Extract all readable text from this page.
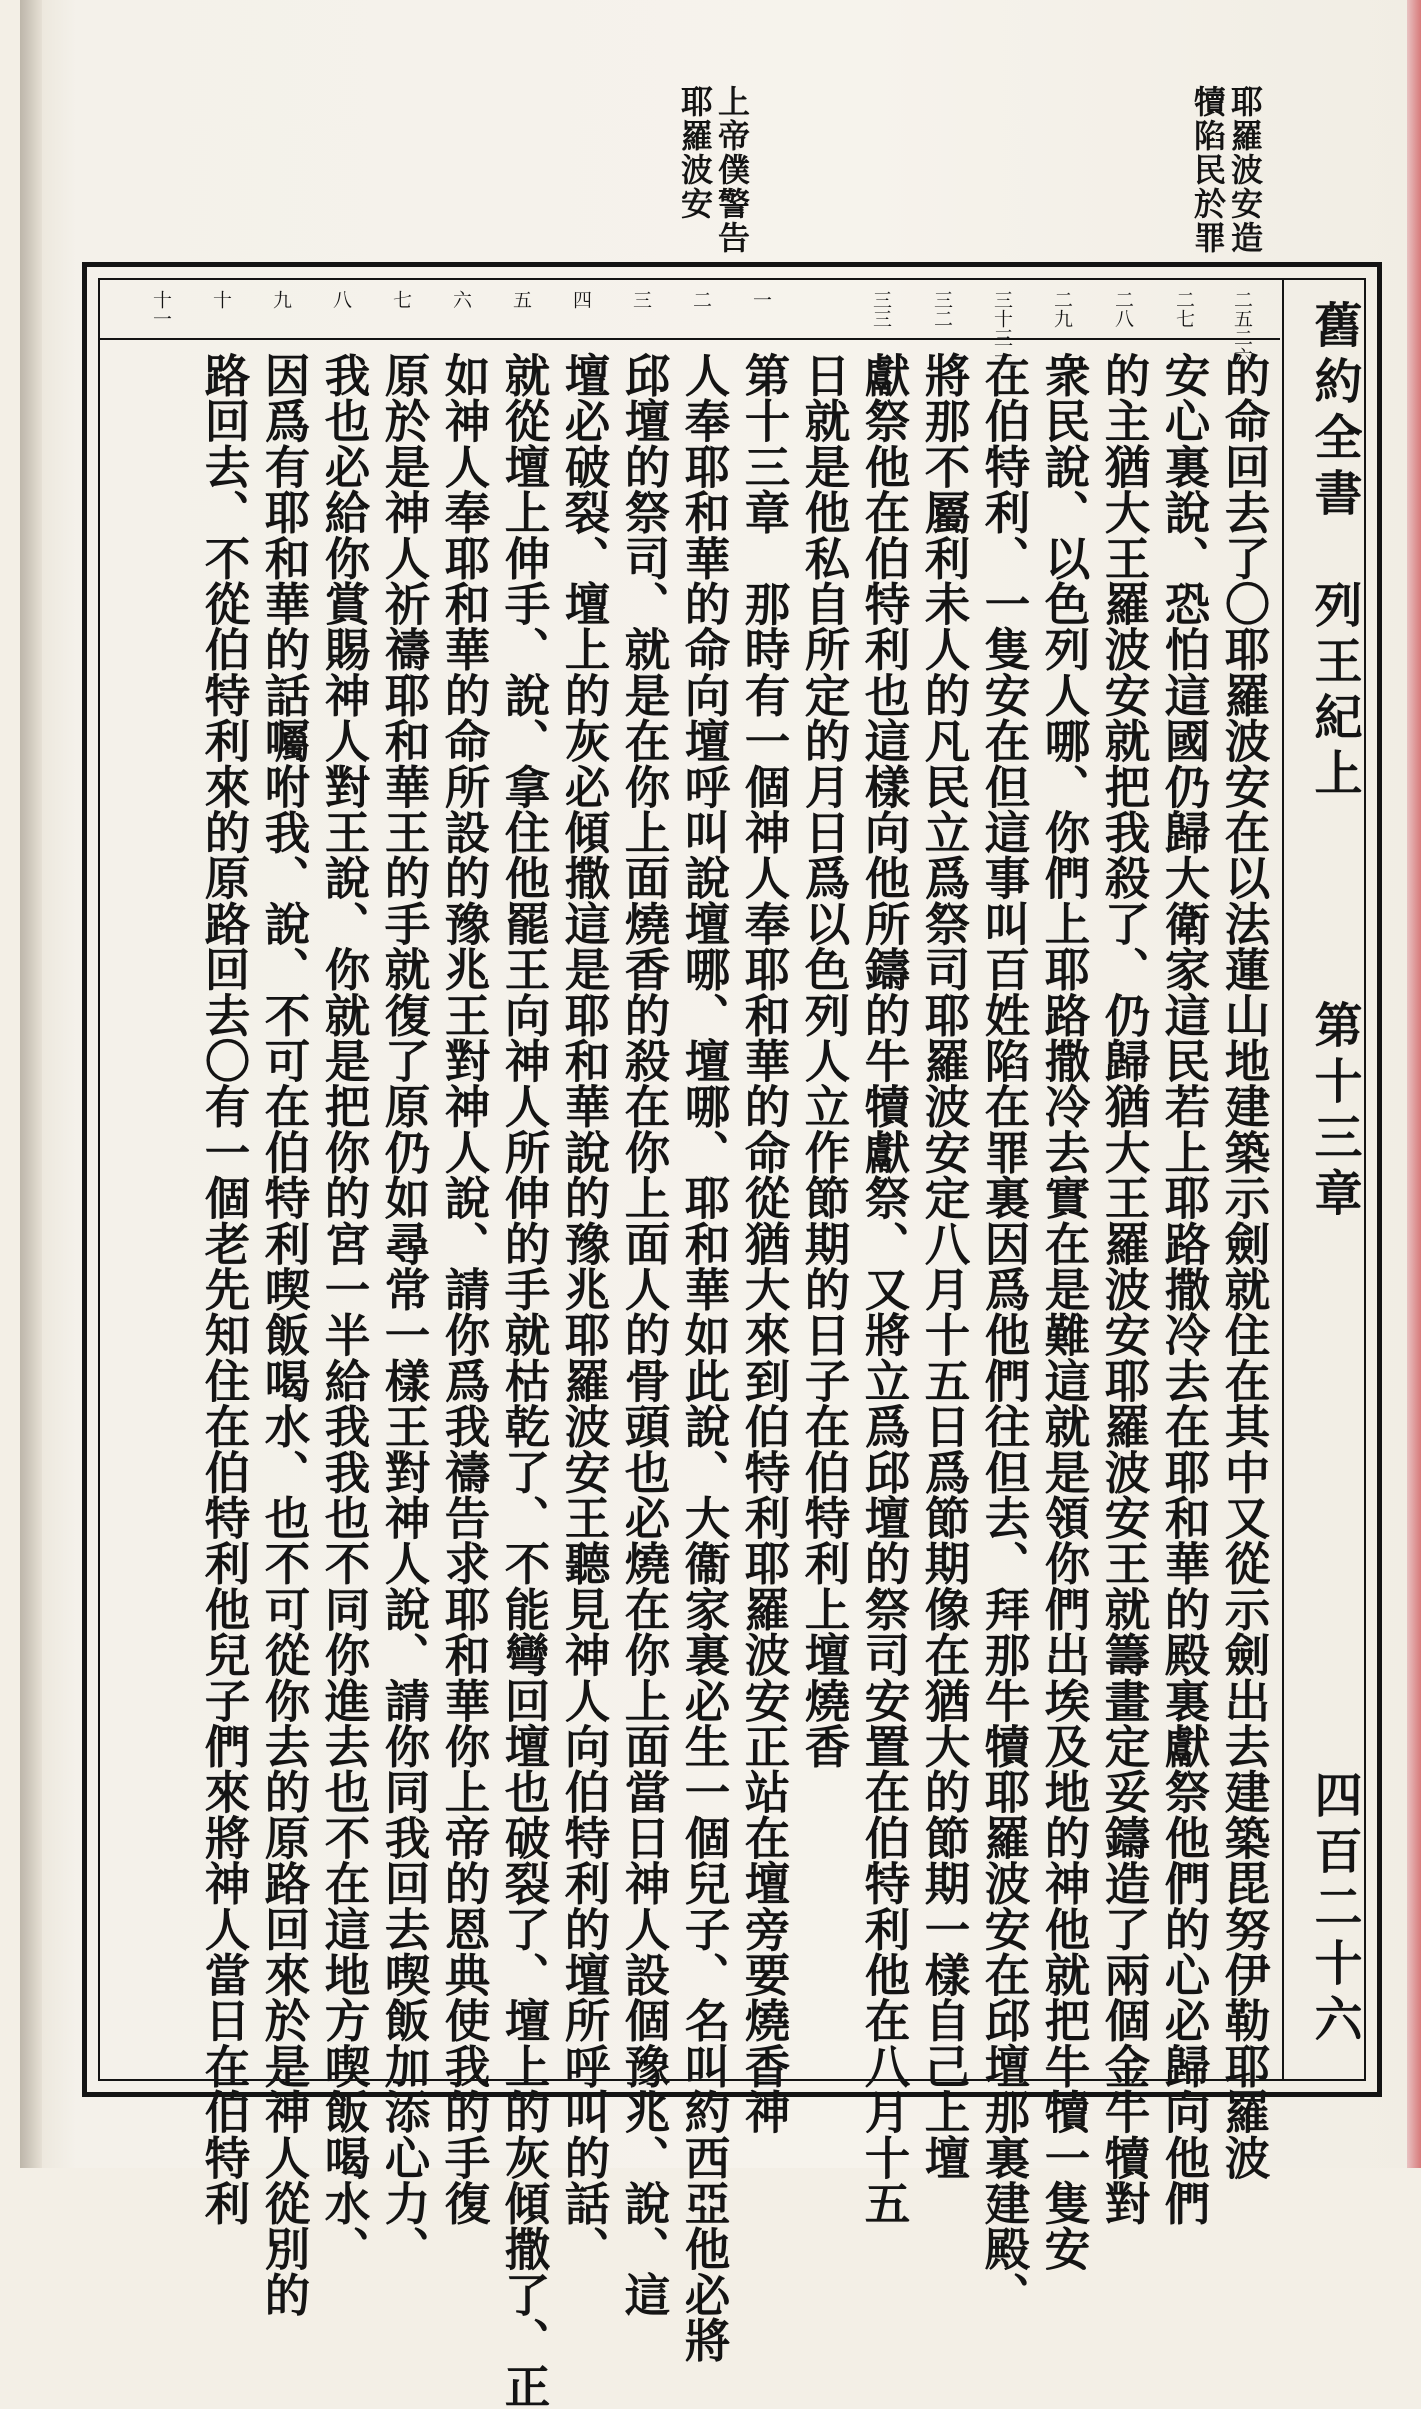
耶羅波安造
犢陷民於罪
上帝僕警告
耶羅波安
舊約全書　列王紀上
第十三章
四百二十六
二五二六
二七
二八
二九
三十三一
三二
三三
一
二
三
四
五
六
七
八
九
十
十一
的命回去了〇耶羅波安在以法蓮山地建築示劍就住在其中又從示劍出去建築毘努伊勒耶羅波
安心裏說、恐怕這國仍歸大衛家這民若上耶路撒冷去在耶和華的殿裏獻祭他們的心必歸向他們
的主猶大王羅波安就把我殺了、仍歸猶大王羅波安耶羅波安王就籌畫定妥鑄造了兩個金牛犢對
衆民說、以色列人哪、你們上耶路撒冷去實在是難這就是領你們出埃及地的神他就把牛犢一隻安
在伯特利、一隻安在但這事叫百姓陷在罪裏因爲他們往但去、拜那牛犢耶羅波安在邱壇那裏建殿、
將那不屬利未人的凡民立爲祭司耶羅波安定八月十五日爲節期像在猶大的節期一樣自己上壇
獻祭他在伯特利也這樣向他所鑄的牛犢獻祭、又將立爲邱壇的祭司安置在伯特利他在八月十五
日就是他私自所定的月日爲以色列人立作節期的日子在伯特利上壇燒香
第十三章　那時有一個神人奉耶和華的命從猶大來到伯特利耶羅波安正站在壇旁要燒香神
人奉耶和華的命向壇呼叫說壇哪、壇哪、耶和華如此說、大衞家裏必生一個兒子、名叫約西亞他必將
邱壇的祭司、就是在你上面燒香的殺在你上面人的骨頭也必燒在你上面當日神人設個豫兆、說、這
壇必破裂、壇上的灰必傾撒這是耶和華說的豫兆耶羅波安王聽見神人向伯特利的壇所呼叫的話、
就從壇上伸手、說、拿住他罷王向神人所伸的手就枯乾了、不能彎回壇也破裂了、壇上的灰傾撒了、正
如神人奉耶和華的命所設的豫兆王對神人說、請你爲我禱告求耶和華你上帝的恩典使我的手復
原於是神人祈禱耶和華王的手就復了原仍如尋常一樣王對神人說、請你同我回去喫飯加添心力、
我也必給你賞賜神人對王說、你就是把你的宮一半給我我也不同你進去也不在這地方喫飯喝水、
因爲有耶和華的話囑咐我、說、不可在伯特利喫飯喝水、也不可從你去的原路回來於是神人從別的
路回去、不從伯特利來的原路回去〇有一個老先知住在伯特利他兒子們來將神人當日在伯特利
